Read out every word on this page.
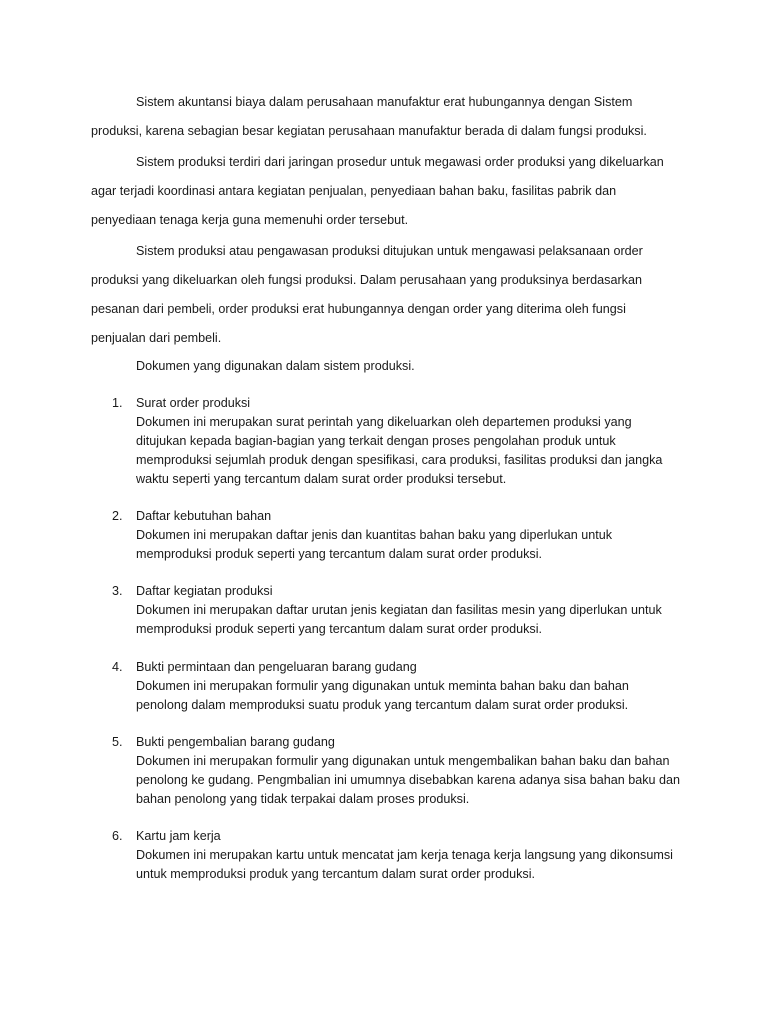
Sistem akuntansi biaya dalam perusahaan manufaktur erat hubungannya dengan Sistem
produksi, karena sebagian besar kegiatan perusahaan manufaktur berada di dalam fungsi produksi.
Sistem produksi terdiri dari jaringan prosedur untuk megawasi order produksi yang dikeluarkan
agar terjadi koordinasi antara kegiatan penjualan, penyediaan bahan baku, fasilitas pabrik dan
penyediaan tenaga kerja guna memenuhi order tersebut.
Sistem produksi atau pengawasan produksi ditujukan untuk mengawasi pelaksanaan order
produksi yang dikeluarkan oleh fungsi produksi. Dalam perusahaan yang produksinya berdasarkan
pesanan dari pembeli, order produksi erat hubungannya dengan order yang diterima oleh fungsi
penjualan dari pembeli.
Dokumen yang digunakan dalam sistem produksi.
1. Surat order produksi
Dokumen ini merupakan surat perintah yang dikeluarkan oleh departemen produksi yang
ditujukan kepada bagian-bagian yang terkait dengan proses pengolahan produk untuk
memproduksi sejumlah produk dengan spesifikasi, cara produksi, fasilitas produksi dan jangka
waktu seperti yang tercantum dalam surat order produksi tersebut.
2. Daftar kebutuhan bahan
Dokumen ini merupakan daftar jenis dan kuantitas bahan baku yang diperlukan untuk
memproduksi produk seperti yang tercantum dalam surat order produksi.
3. Daftar kegiatan produksi
Dokumen ini merupakan daftar urutan jenis kegiatan dan fasilitas mesin yang diperlukan untuk
memproduksi produk seperti yang tercantum dalam surat order produksi.
4. Bukti permintaan dan pengeluaran barang gudang
Dokumen ini merupakan formulir yang digunakan untuk meminta bahan baku dan bahan
penolong dalam memproduksi suatu produk yang tercantum dalam surat order produksi.
5. Bukti pengembalian barang gudang
Dokumen ini merupakan formulir yang digunakan untuk mengembalikan bahan baku dan bahan
penolong ke gudang. Pengmbalian ini umumnya disebabkan karena adanya sisa bahan baku dan
bahan penolong yang tidak terpakai dalam proses produksi.
6. Kartu jam kerja
Dokumen ini merupakan kartu untuk mencatat jam kerja tenaga kerja langsung yang dikonsumsi
untuk memproduksi produk yang tercantum dalam surat order produksi.
